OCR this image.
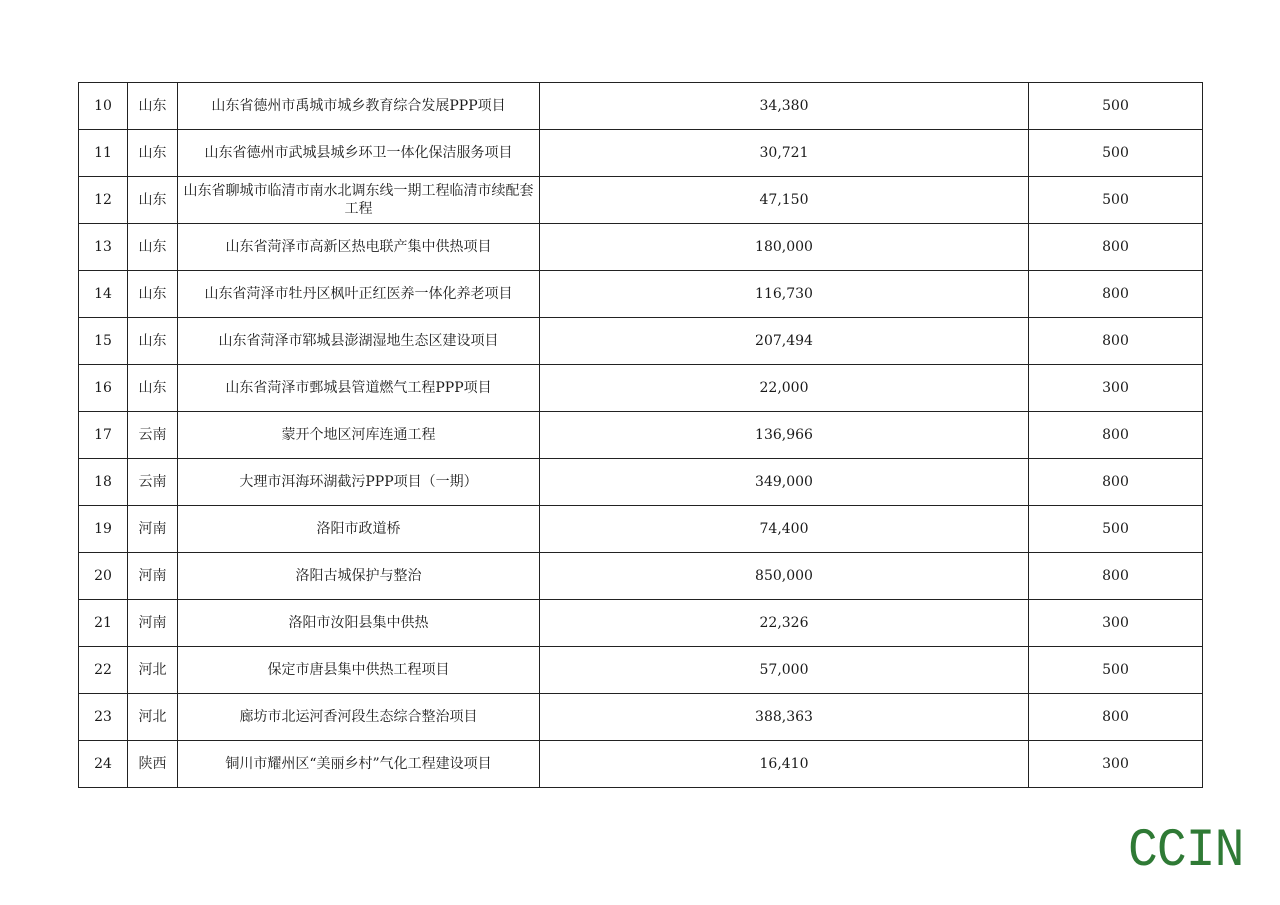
10	山东	山东省德州市禹城市城乡教育综合发展PPP项目	34,380	500
11	山东	山东省德州市武城县城乡环卫一体化保洁服务项目	30,721	500
12	山东	山东省聊城市临清市南水北调东线一期工程临清市续配套工程	47,150	500
13	山东	山东省菏泽市高新区热电联产集中供热项目	180,000	800
14	山东	山东省菏泽市牡丹区枫叶正红医养一体化养老项目	116,730	800
15	山东	山东省菏泽市郓城县澎湖湿地生态区建设项目	207,494	800
16	山东	山东省菏泽市鄄城县管道燃气工程PPP项目	22,000	300
17	云南	蒙开个地区河库连通工程	136,966	800
18	云南	大理市洱海环湖截污PPP项目（一期）	349,000	800
19	河南	洛阳市政道桥	74,400	500
20	河南	洛阳古城保护与整治	850,000	800
21	河南	洛阳市汝阳县集中供热	22,326	300
22	河北	保定市唐县集中供热工程项目	57,000	500
23	河北	廊坊市北运河香河段生态综合整治项目	388,363	800
24	陕西	铜川市耀州区“美丽乡村”气化工程建设项目	16,410	300
CCIN
